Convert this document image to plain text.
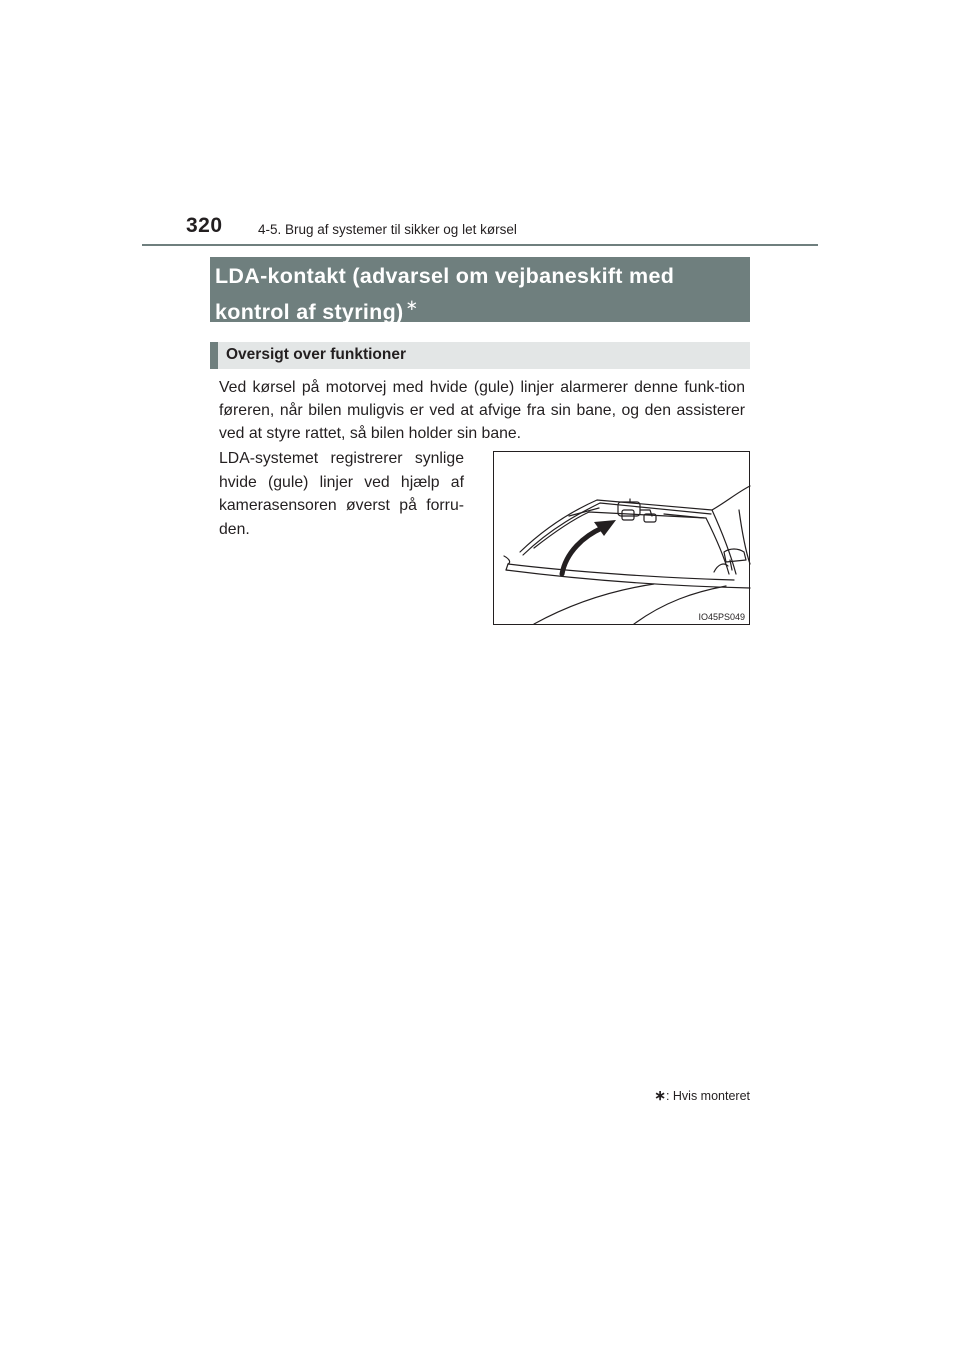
320	4-5. Brug af systemer til sikker og let kørsel

LDA-kontakt (advarsel om vejbaneskift med
kontrol af styring) ∗

Oversigt over funktioner

Ved kørsel på motorvej med hvide (gule) linjer alarmerer denne funk-tion føreren, når bilen muligvis er ved at afvige fra sin bane, og den assisterer ved at styre rattet, så bilen holder sin bane.

LDA-systemet registrerer synlige hvide (gule) linjer ved hjælp af kamerasensoren øverst på forru-den.

IO45PS049
∗: Hvis monteret
